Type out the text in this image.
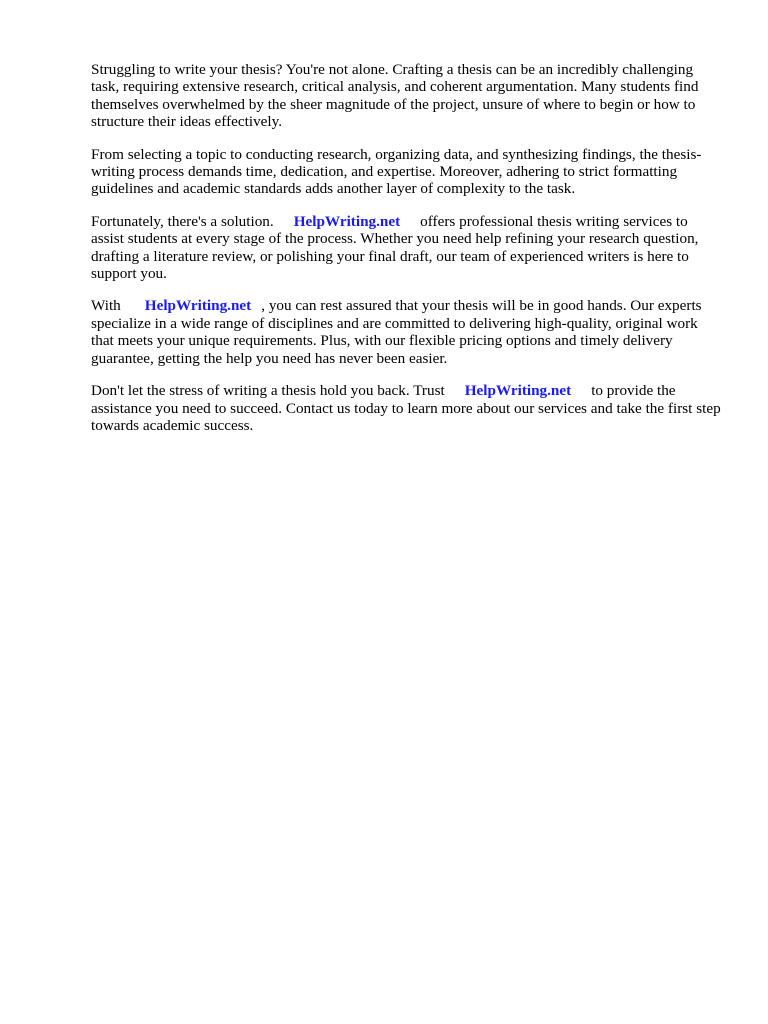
Struggling to write your thesis? You're not alone. Crafting a thesis can be an incredibly challenging task, requiring extensive research, critical analysis, and coherent argumentation. Many students find themselves overwhelmed by the sheer magnitude of the project, unsure of where to begin or how to structure their ideas effectively.

From selecting a topic to conducting research, organizing data, and synthesizing findings, the thesis-writing process demands time, dedication, and expertise. Moreover, adhering to strict formatting guidelines and academic standards adds another layer of complexity to the task.

Fortunately, there's a solution. HelpWriting.net offers professional thesis writing services to assist students at every stage of the process. Whether you need help refining your research question, drafting a literature review, or polishing your final draft, our team of experienced writers is here to support you.

With HelpWriting.net , you can rest assured that your thesis will be in good hands. Our experts specialize in a wide range of disciplines and are committed to delivering high-quality, original work that meets your unique requirements. Plus, with our flexible pricing options and timely delivery guarantee, getting the help you need has never been easier.

Don't let the stress of writing a thesis hold you back. Trust HelpWriting.net to provide the assistance you need to succeed. Contact us today to learn more about our services and take the first step towards academic success.
